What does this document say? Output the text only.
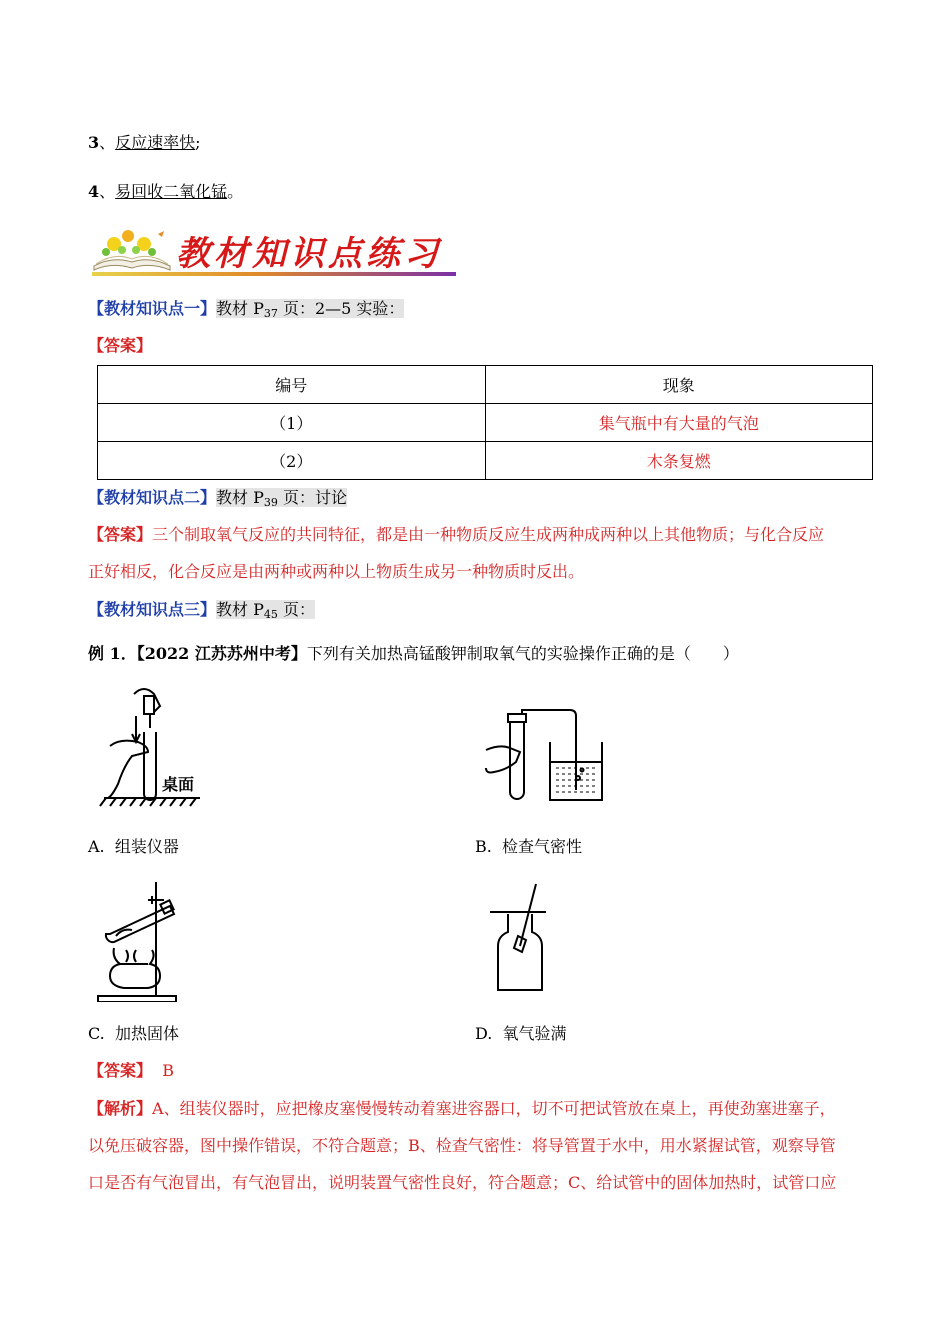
3、反应速率快;
4、易回收二氧化锰。
教材知识点练习
【教材知识点一】教材 $P_{37}$ 页：2—5 实验：
【答案】
编号	现象
（1）	集气瓶中有大量的气泡
（2）	木条复燃
【教材知识点二】教材 $P_{39}$ 页：讨论
【答案】三个制取氧气反应的共同特征，都是由一种物质反应生成两种成两种以上其他物质；与化合反应
正好相反，化合反应是由两种或两种以上物质生成另一种物质时反出。
【教材知识点三】教材 $P_{45}$ 页：
例 1．【2022 江苏苏州中考】下列有关加热高锰酸钾制取氧气的实验操作正确的是（　　）
桌面
A. 组装仪器	B. 检查气密性
C. 加热固体	D. 氧气验满
【答案】 B
【解析】A、组装仪器时，应把橡皮塞慢慢转动着塞进容器口，切不可把试管放在桌上，再使劲塞进塞子，
以免压破容器，图中操作错误，不符合题意；B、检查气密性：将导管置于水中，用水紧握试管，观察导管
口是否有气泡冒出，有气泡冒出，说明装置气密性良好，符合题意；C、给试管中的固体加热时，试管口应
